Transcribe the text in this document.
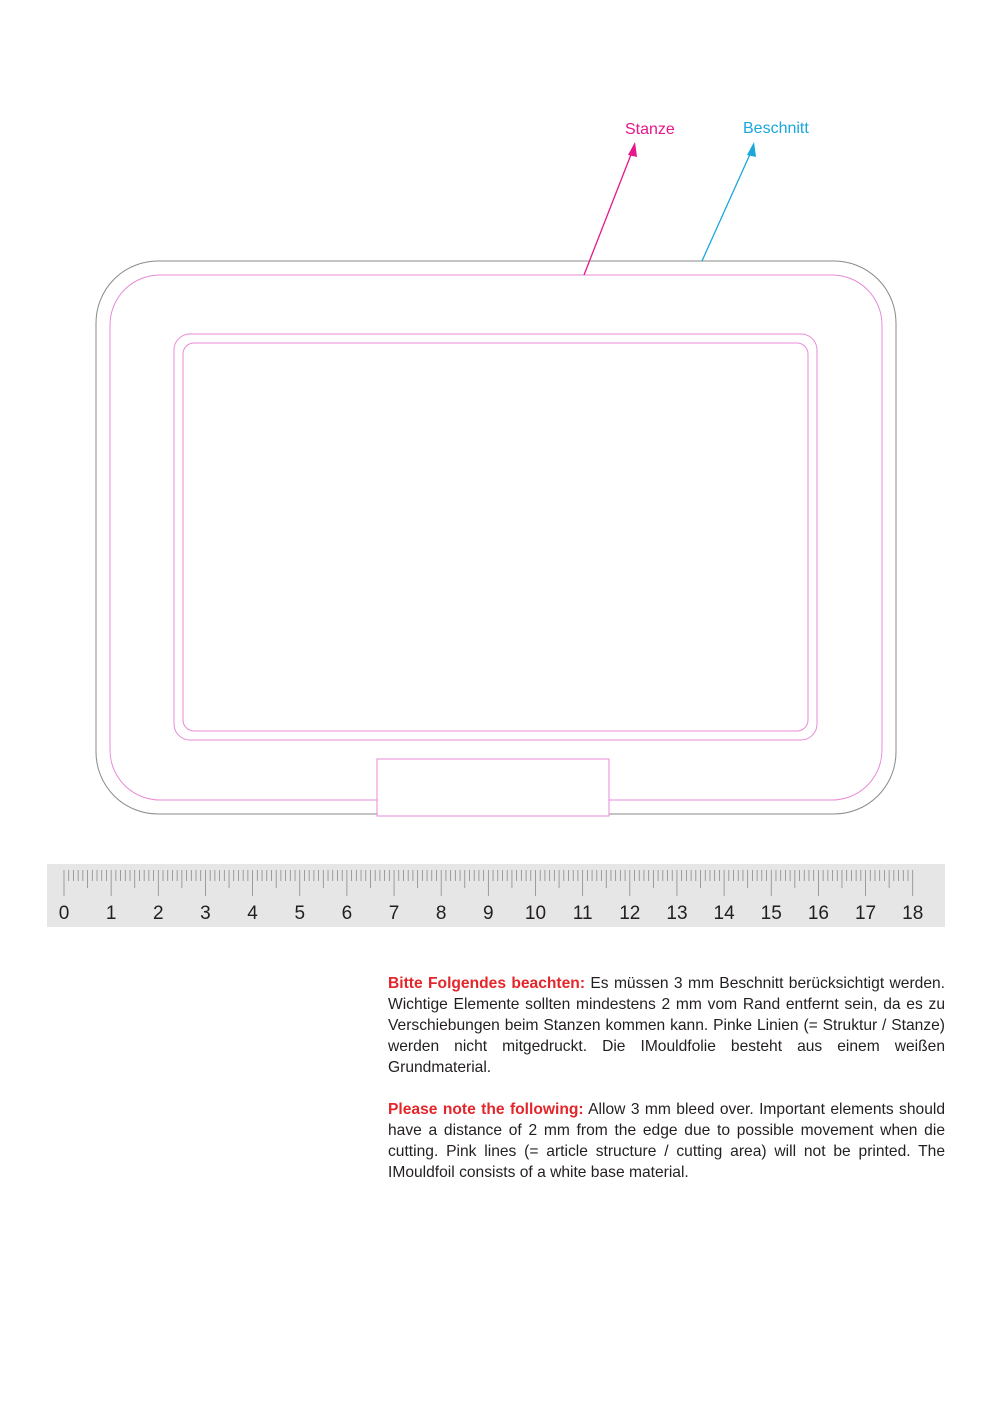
Stanze	Beschnitt
0 1 2 3 4 5 6 7 8 9 10 11 12 13 14 15 16 17 18

Bitte Folgendes beachten: Es müssen 3 mm Beschnitt berücksichtigt werden. Wichtige Elemente sollten mindestens 2 mm vom Rand entfernt sein, da es zu Verschiebungen beim Stanzen kommen kann. Pinke Linien (= Struktur / Stanze) werden nicht mitgedruckt. Die IMouldfolie besteht aus einem weißen Grundmaterial.

Please note the following: Allow 3 mm bleed over. Important elements should have a distance of 2 mm from the edge due to possible movement when die cutting. Pink lines (= article structure / cutting area) will not be printed. The IMouldfoil consists of a white base material.
